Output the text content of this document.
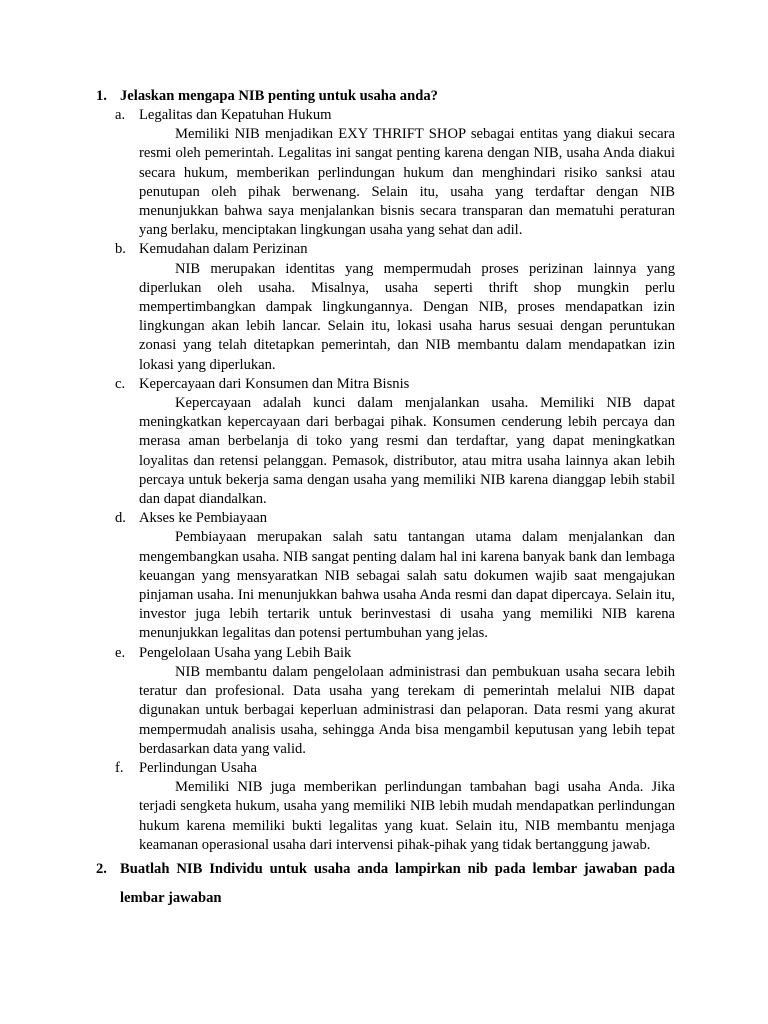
1. Jelaskan mengapa NIB penting untuk usaha anda?
a. Legalitas dan Kepatuhan Hukum

Memiliki NIB menjadikan EXY THRIFT SHOP sebagai entitas yang diakui secara resmi oleh pemerintah. Legalitas ini sangat penting karena dengan NIB, usaha Anda diakui secara hukum, memberikan perlindungan hukum dan menghindari risiko sanksi atau penutupan oleh pihak berwenang. Selain itu, usaha yang terdaftar dengan NIB menunjukkan bahwa saya menjalankan bisnis secara transparan dan mematuhi peraturan yang berlaku, menciptakan lingkungan usaha yang sehat dan adil.

b. Kemudahan dalam Perizinan

NIB merupakan identitas yang mempermudah proses perizinan lainnya yang diperlukan oleh usaha. Misalnya, usaha seperti thrift shop mungkin perlu mempertimbangkan dampak lingkungannya. Dengan NIB, proses mendapatkan izin lingkungan akan lebih lancar. Selain itu, lokasi usaha harus sesuai dengan peruntukan zonasi yang telah ditetapkan pemerintah, dan NIB membantu dalam mendapatkan izin lokasi yang diperlukan.

c. Kepercayaan dari Konsumen dan Mitra Bisnis

Kepercayaan adalah kunci dalam menjalankan usaha. Memiliki NIB dapat meningkatkan kepercayaan dari berbagai pihak. Konsumen cenderung lebih percaya dan merasa aman berbelanja di toko yang resmi dan terdaftar, yang dapat meningkatkan loyalitas dan retensi pelanggan. Pemasok, distributor, atau mitra usaha lainnya akan lebih percaya untuk bekerja sama dengan usaha yang memiliki NIB karena dianggap lebih stabil dan dapat diandalkan.

d. Akses ke Pembiayaan

Pembiayaan merupakan salah satu tantangan utama dalam menjalankan dan mengembangkan usaha. NIB sangat penting dalam hal ini karena banyak bank dan lembaga keuangan yang mensyaratkan NIB sebagai salah satu dokumen wajib saat mengajukan pinjaman usaha. Ini menunjukkan bahwa usaha Anda resmi dan dapat dipercaya. Selain itu, investor juga lebih tertarik untuk berinvestasi di usaha yang memiliki NIB karena menunjukkan legalitas dan potensi pertumbuhan yang jelas.

e. Pengelolaan Usaha yang Lebih Baik

NIB membantu dalam pengelolaan administrasi dan pembukuan usaha secara lebih teratur dan profesional. Data usaha yang terekam di pemerintah melalui NIB dapat digunakan untuk berbagai keperluan administrasi dan pelaporan. Data resmi yang akurat mempermudah analisis usaha, sehingga Anda bisa mengambil keputusan yang lebih tepat berdasarkan data yang valid.

f. Perlindungan Usaha

Memiliki NIB juga memberikan perlindungan tambahan bagi usaha Anda. Jika terjadi sengketa hukum, usaha yang memiliki NIB lebih mudah mendapatkan perlindungan hukum karena memiliki bukti legalitas yang kuat. Selain itu, NIB membantu menjaga keamanan operasional usaha dari intervensi pihak-pihak yang tidak bertanggung jawab.

2. Buatlah NIB Individu untuk usaha anda lampirkan nib pada lembar jawaban pada lembar jawaban
